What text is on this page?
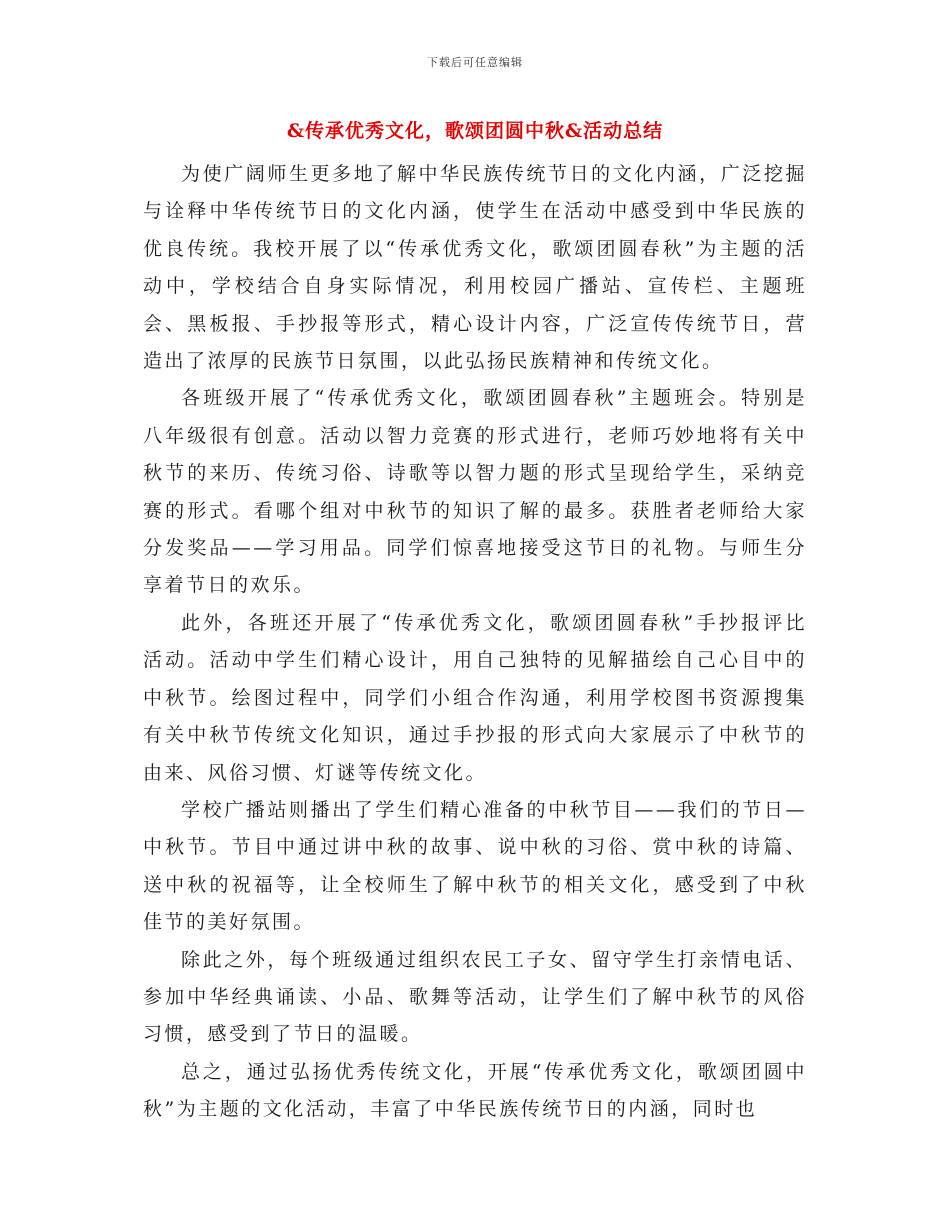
下载后可任意编辑
&传承优秀文化，歌颂团圆中秋&活动总结

为使广阔师生更多地了解中华民族传统节日的文化内涵，广泛挖掘与诠释中华传统节日的文化内涵，使学生在活动中感受到中华民族的优良传统。我校开展了以“传承优秀文化，歌颂团圆春秋”为主题的活动中，学校结合自身实际情况，利用校园广播站、宣传栏、主题班会、黑板报、手抄报等形式，精心设计内容，广泛宣传传统节日，营造出了浓厚的民族节日氛围，以此弘扬民族精神和传统文化。

各班级开展了“传承优秀文化，歌颂团圆春秋”主题班会。特别是八年级很有创意。活动以智力竞赛的形式进行，老师巧妙地将有关中秋节的来历、传统习俗、诗歌等以智力题的形式呈现给学生，采纳竞赛的形式。看哪个组对中秋节的知识了解的最多。获胜者老师给大家分发奖品——学习用品。同学们惊喜地接受这节日的礼物。与师生分享着节日的欢乐。

此外，各班还开展了“传承优秀文化，歌颂团圆春秋”手抄报评比活动。活动中学生们精心设计，用自己独特的见解描绘自己心目中的中秋节。绘图过程中，同学们小组合作沟通，利用学校图书资源搜集有关中秋节传统文化知识，通过手抄报的形式向大家展示了中秋节的由来、风俗习惯、灯谜等传统文化。

学校广播站则播出了学生们精心准备的中秋节目——我们的节日—中秋节。节目中通过讲中秋的故事、说中秋的习俗、赏中秋的诗篇、送中秋的祝福等，让全校师生了解中秋节的相关文化，感受到了中秋佳节的美好氛围。

除此之外，每个班级通过组织农民工子女、留守学生打亲情电话、参加中华经典诵读、小品、歌舞等活动，让学生们了解中秋节的风俗习惯，感受到了节日的温暖。

总之，通过弘扬优秀传统文化，开展“传承优秀文化，歌颂团圆中秋”为主题的文化活动，丰富了中华民族传统节日的内涵，同时也
